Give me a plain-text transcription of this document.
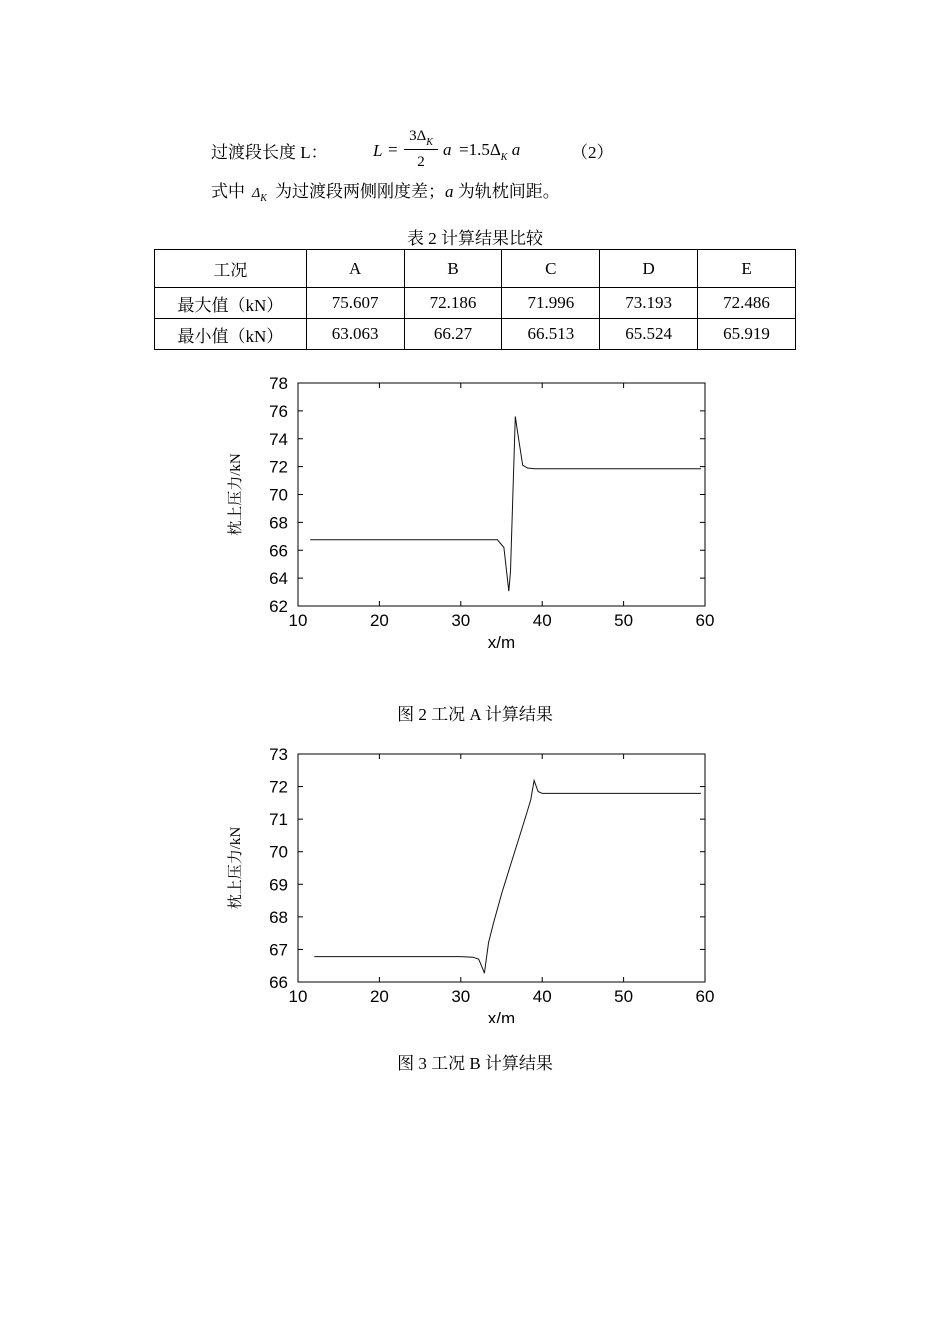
过渡段长度 L：	L =
$3\Delta_K$
2
$a =1.5\Delta_K$ a	（2）
式中 $\Delta_K$ 为过渡段两侧刚度差；a 为轨枕间距。
表 2 计算结果比较
工况	A	B	C	D	E
最大值（kN）	75.607	72.186	71.996	73.193	72.486
最小值（kN）	63.063	66.27	66.513	65.524	65.919
10	20	30	40	50	60
62
64
66
68
70
72
74
76
78
x/m
枕上压力/kN
图 2 工况 A 计算结果
10	20	30	40	50	60
66
67
68
69
70
71
72
73
x/m
枕上压力/kN
图 3 工况 B 计算结果
